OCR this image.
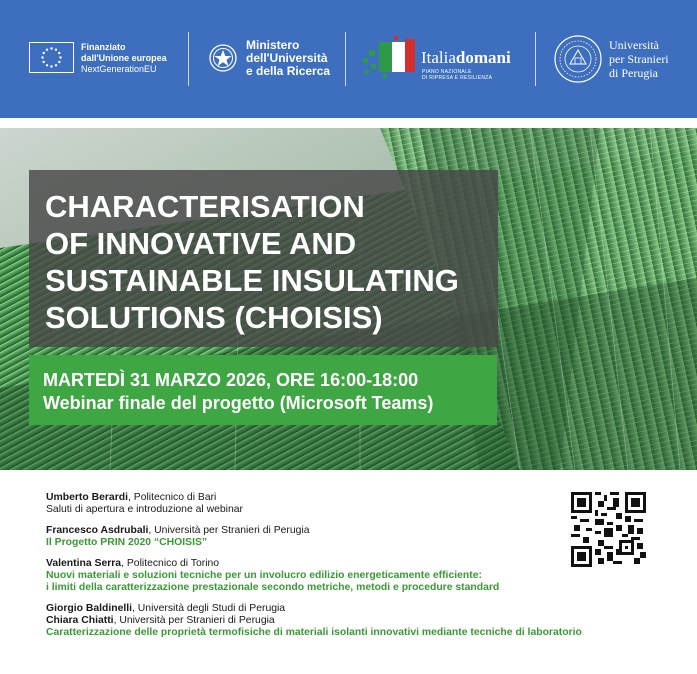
Finanziato
dall'Unione europea
NextGenerationEU
Ministero
dell'Università
e della Ricerca
Italiadomani
PIANO NAZIONALE
DI RIPRESA E RESILIENZA
Università
per Stranieri
di Perugia
CHARACTERISATION
OF INNOVATIVE AND
SUSTAINABLE INSULATING
SOLUTIONS (CHOISIS)
MARTEDÌ 31 MARZO 2026, ORE 16:00-18:00
Webinar finale del progetto (Microsoft Teams)
Umberto Berardi, Politecnico di Bari
Saluti di apertura e introduzione al webinar
Francesco Asdrubali, Università per Stranieri di Perugia
Il Progetto PRIN 2020 “CHOISIS”
Valentina Serra, Politecnico di Torino
Nuovi materiali e soluzioni tecniche per un involucro edilizio energeticamente efficiente:
i limiti della caratterizzazione prestazionale secondo metriche, metodi e procedure standard
Giorgio Baldinelli, Università degli Studi di Perugia
Chiara Chiatti, Università per Stranieri di Perugia
Caratterizzazione delle proprietà termofisiche di materiali isolanti innovativi mediante tecniche di laboratorio
